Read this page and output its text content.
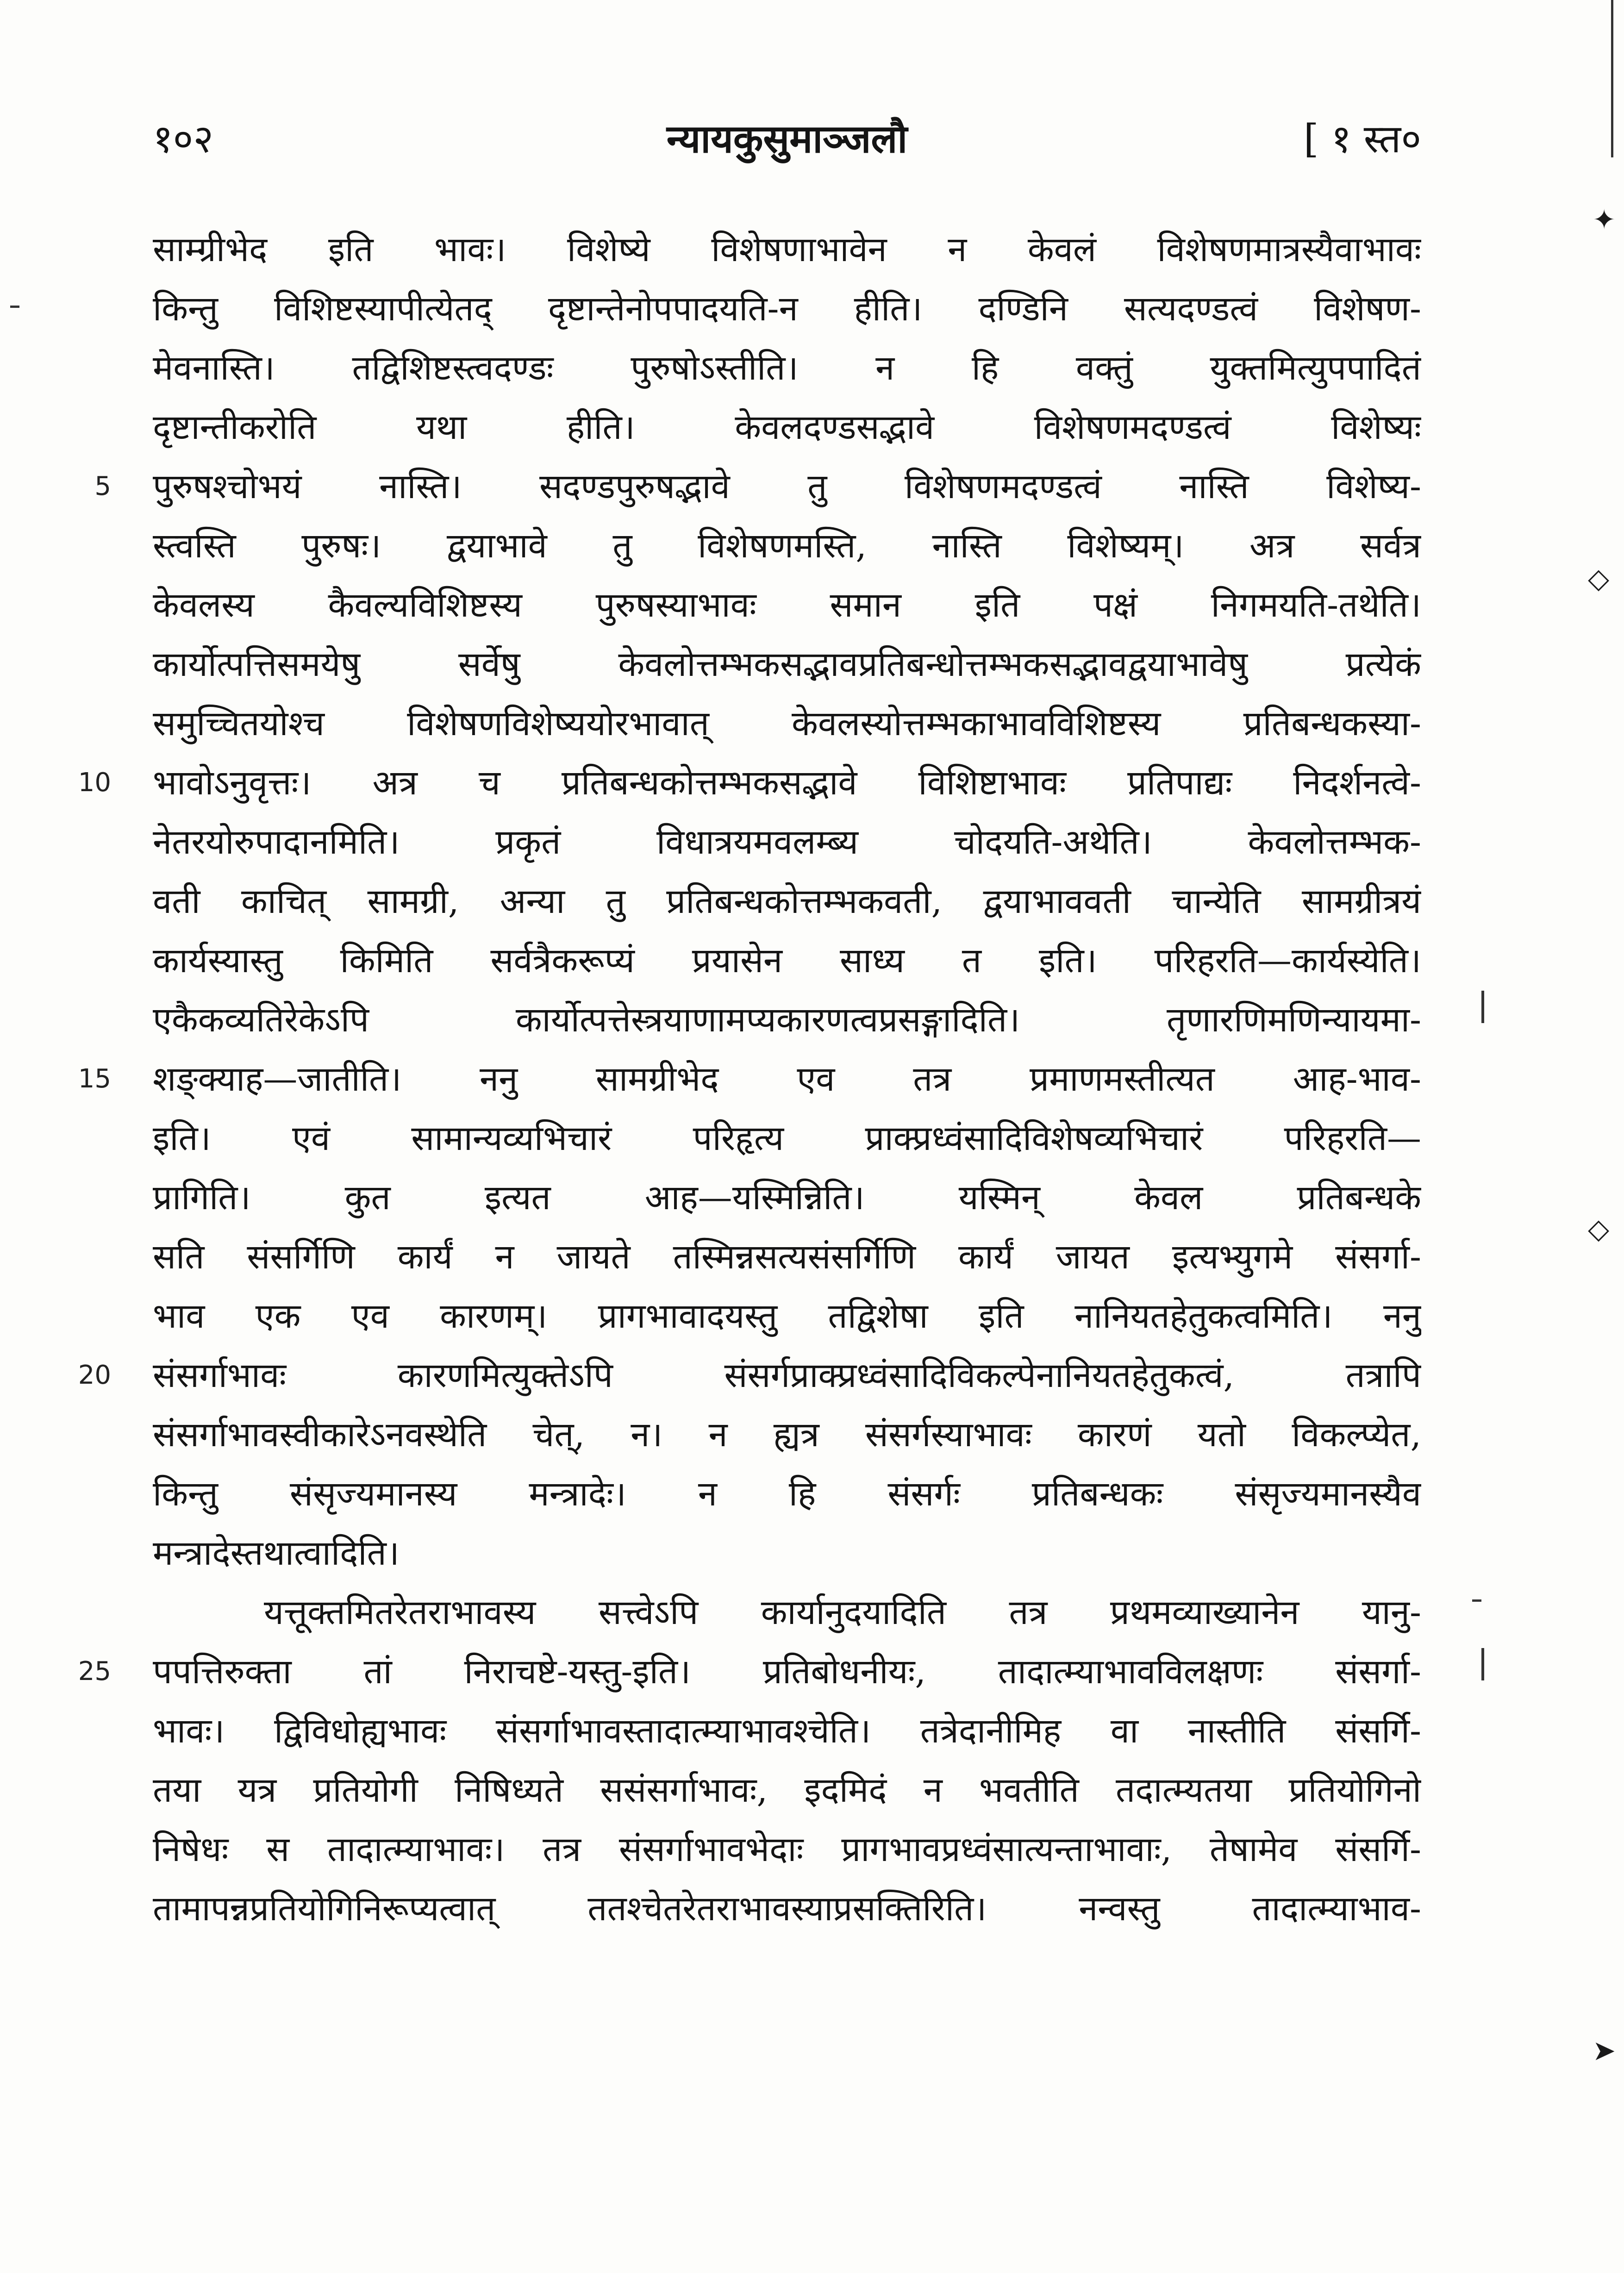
१०२	न्यायकुसुमाञ्जलौ	[ १ स्त०
साम्ग्रीभेद इति भावः। विशेष्ये विशेषणाभावेन न केवलं विशेषणमात्रस्यैवाभावः
किन्तु विशिष्टस्यापीत्येतद् दृष्टान्तेनोपपादयति-न हीति। दण्डिनि सत्यदण्डत्वं विशेषण-
मेवनास्ति। तद्विशिष्टस्त्वदण्डः पुरुषोऽस्तीति। न हि वक्तुं युक्तमित्युपपादितं
दृष्टान्तीकरोति यथा हीति। केवलदण्डसद्भावे विशेषणमदण्डत्वं विशेष्यः
5 पुरुषश्चोभयं नास्ति। सदण्डपुरुषद्भावे तु विशेषणमदण्डत्वं नास्ति विशेष्य-
स्त्वस्ति पुरुषः। द्वयाभावे तु विशेषणमस्ति, नास्ति विशेष्यम्। अत्र सर्वत्र
केवलस्य कैवल्यविशिष्टस्य पुरुषस्याभावः समान इति पक्षं निगमयति-तथेति।
कार्योत्पत्तिसमयेषु सर्वेषु केवलोत्तम्भकसद्भावप्रतिबन्धोत्तम्भकसद्भावद्वयाभावेषु प्रत्येकं
समुच्चितयोश्च विशेषणविशेष्ययोरभावात् केवलस्योत्तम्भकाभावविशिष्टस्य प्रतिबन्धकस्या-
10 भावोऽनुवृत्तः। अत्र च प्रतिबन्धकोत्तम्भकसद्भावे विशिष्टाभावः प्रतिपाद्यः निदर्शनत्वे-
नेतरयोरुपादानमिति। प्रकृतं विधात्रयमवलम्ब्य चोदयति-अथेति। केवलोत्तम्भक-
वती काचित् सामग्री, अन्या तु प्रतिबन्धकोत्तम्भकवती, द्वयाभाववती चान्येति सामग्रीत्रयं
कार्यस्यास्तु किमिति सर्वत्रैकरूप्यं प्रयासेन साध्य त इति। परिहरति—कार्यस्येति।
एकैकव्यतिरेकेऽपि कार्योत्पत्तेस्त्रयाणामप्यकारणत्वप्रसङ्गादिति। तृणारणिमणिन्यायमा-
15 शङ्क्याह—जातीति। ननु सामग्रीभेद एव तत्र प्रमाणमस्तीत्यत आह-भाव-
इति। एवं सामान्यव्यभिचारं परिहृत्य प्राक्प्रध्वंसादिविशेषव्यभिचारं परिहरति—
प्रागिति। कुत इत्यत आह—यस्मिन्निति। यस्मिन् केवल प्रतिबन्धके
सति संसर्गिणि कार्यं न जायते तस्मिन्नसत्यसंसर्गिणि कार्यं जायत इत्यभ्युगमे संसर्गा-
भाव एक एव कारणम्। प्रागभावादयस्तु तद्विशेषा इति नानियतहेतुकत्वमिति। ननु
20 संसर्गाभावः कारणमित्युक्तेऽपि संसर्गप्राक्प्रध्वंसादिविकल्पेनानियतहेतुकत्वं, तत्रापि
संसर्गाभावस्वीकारेऽनवस्थेति चेत्, न। न ह्यत्र संसर्गस्याभावः कारणं यतो विकल्प्येत,
किन्तु संसृज्यमानस्य मन्त्रादेः। न हि संसर्गः प्रतिबन्धकः संसृज्यमानस्यैव
मन्त्रादेस्तथात्वादिति।
यत्तूक्तमितरेतराभावस्य सत्त्वेऽपि कार्यानुदयादिति तत्र प्रथमव्याख्यानेन यानु-
25 पपत्तिरुक्ता तां निराचष्टे-यस्तु-इति। प्रतिबोधनीयः, तादात्म्याभावविलक्षणः संसर्गा-
भावः। द्विविधोह्यभावः संसर्गाभावस्तादात्म्याभावश्चेति। तत्रेदानीमिह वा नास्तीति संसर्गि-
तया यत्र प्रतियोगी निषिध्यते ससंसर्गाभावः, इदमिदं न भवतीति तदात्म्यतया प्रतियोगिनो
निषेधः स तादात्म्याभावः। तत्र संसर्गाभावभेदाः प्रागभावप्रध्वंसात्यन्ताभावाः, तेषामेव संसर्गि-
तामापन्नप्रतियोगिनिरूप्यत्वात् ततश्चेतरेतराभावस्याप्रसक्तिरिति। नन्वस्तु तादात्म्याभाव-
✦
◇
◇
➤
